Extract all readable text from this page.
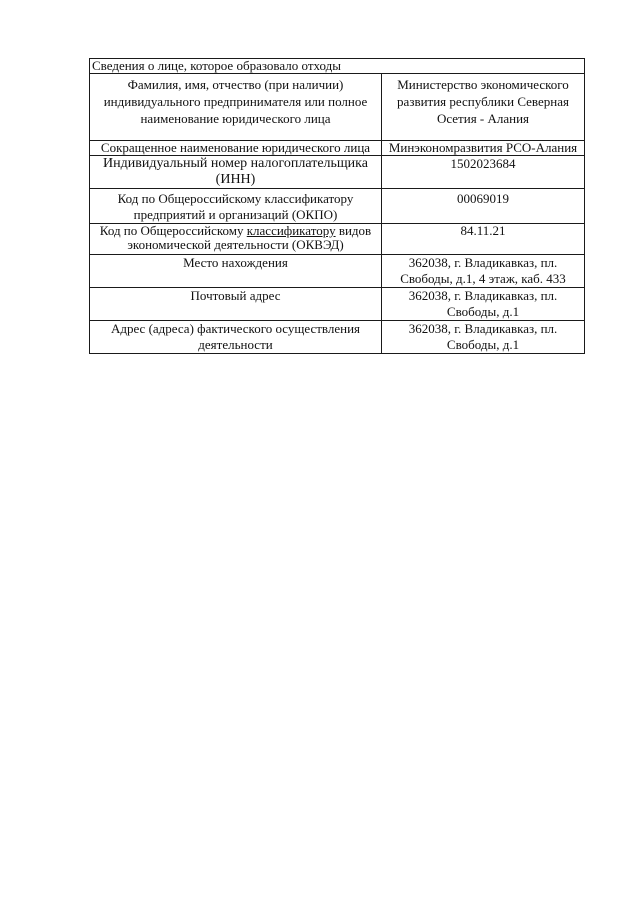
Сведения о лице, которое образовало отходы	
Фамилия, имя, отчество (при наличии) индивидуального предпринимателя или полное наименование юридического лица	Министерство экономического развития республики Северная Осетия - Алания
Сокращенное наименование юридического лица	Минэкономразвития РСО-Алания
Индивидуальный номер налогоплательщика (ИНН)	1502023684
Код по Общероссийскому классификатору предприятий и организаций (ОКПО)	00069019
Код по Общероссийскому классификатору видов экономической деятельности (ОКВЭД)	84.11.21
Место нахождения	362038, г. Владикавказ, пл. Свободы, д.1, 4 этаж, каб. 433
Почтовый адрес	362038, г. Владикавказ, пл. Свободы, д.1
Адрес (адреса) фактического осуществления деятельности	362038, г. Владикавказ, пл. Свободы, д.1
